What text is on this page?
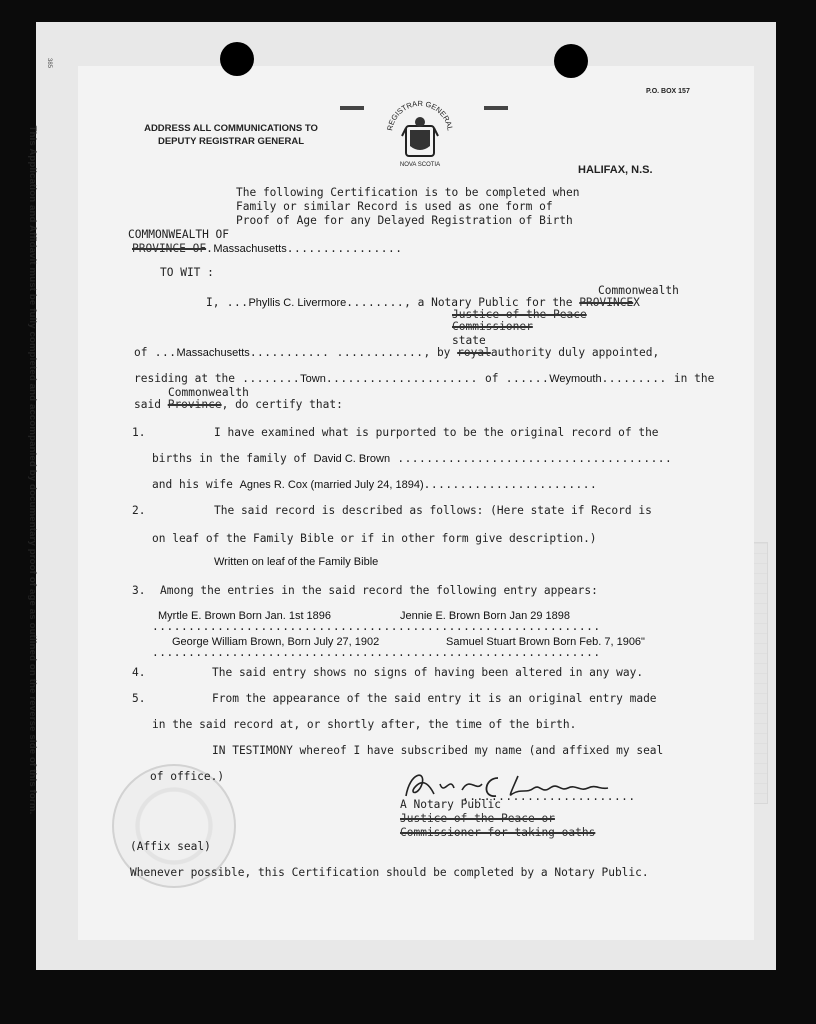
385
This Application and Affidavit must be fully completed and accompanied by documentary proof of age as outlined on the reverse side of this form.	ADDRESS ALL COMMUNICATIONS TO
DEPUTY REGISTRAR GENERAL
REGISTRAR GENERAL
NOVA SCOTIA
P.O. BOX 157
HALIFAX, N.S.
The following Certification is to be completed when
Family or similar Record is used as one form of
Proof of Age for any Delayed Registration of Birth
COMMONWEALTH OF
PROVINCE OF.Massachusetts................
TO WIT :
Commonwealth
I, ...Phyllis C. Livermore........, a Notary Public for the PROVINCEX
Justice of the Peace
Commissioner
state
of ...Massachusetts........... ............, by royalauthority duly appointed,
residing at the ........Town..................... of ......Weymouth......... in the
Commonwealth
said Province, do certify that:
1.	I have examined what is purported to be the original record of the
births in the family of David C. Brown ......................................
and his wife Agnes R. Cox (married July 24, 1894)........................
2.	The said record is described as follows: (Here state if Record is
on leaf of the Family Bible or if in other form give description.)
Written on leaf of the Family Bible
3. Among the entries in the said record the following entry appears:
Myrtle E. Brown Born Jan. 1st 1896	Jennie E. Brown Born Jan 29 1898
..............................................................
George William Brown, Born July 27, 1902	Samuel Stuart Brown Born Feb. 7, 1906"
..............................................................
4.	The said entry shows no signs of having been altered in any way.
5.	From the appearance of the said entry it is an original entry made
in the said record at, or shortly after, the time of the birth.
IN TESTIMONY whereof I have subscribed my name (and affixed my seal
of office.)
........................
A Notary Public
Justice of the Peace or
Commissioner for taking oaths
(Affix seal)
Whenever possible, this Certification should be completed by a Notary Public.
